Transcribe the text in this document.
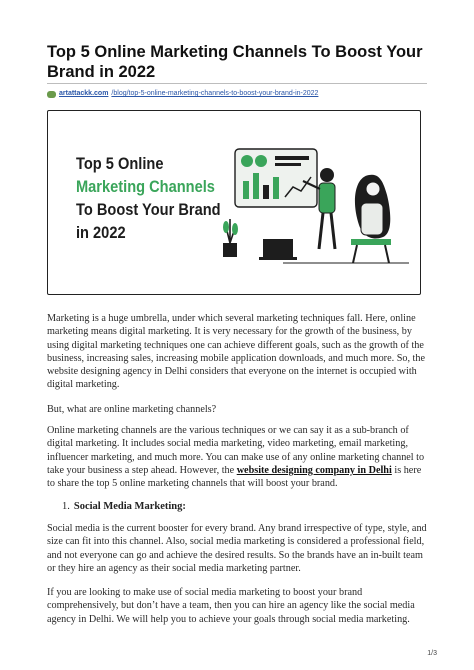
Top 5 Online Marketing Channels To Boost Your Brand in 2022
artattackk.com /blog/top-5-online-marketing-channels-to-boost-your-brand-in-2022
Top 5 Online
Marketing Channels
To Boost Your Brand
in 2022

Marketing is a huge umbrella, under which several marketing techniques fall. Here, online marketing means digital marketing. It is very necessary for the growth of the business, by using digital marketing techniques one can achieve different goals, such as the growth of the business, increasing sales, increasing mobile application downloads, and much more. So, the website designing agency in Delhi considers that everyone on the internet is occupied with digital marketing.

But, what are online marketing channels?

Online marketing channels are the various techniques or we can say it as a sub-branch of digital marketing. It includes social media marketing, video marketing, email marketing, influencer marketing, and much more. You can make use of any online marketing channel to take your business a step ahead. However, the website designing company in Delhi is here to share the top 5 online marketing channels that will boost your brand.

1. Social Media Marketing:

Social media is the current booster for every brand. Any brand irrespective of type, style, and size can fit into this channel. Also, social media marketing is considered a professional field, and not everyone can go and achieve the desired results. So the brands have an in-built team or they hire an agency as their social media marketing partner.

If you are looking to make use of social media marketing to boost your brand comprehensively, but don’t have a team, then you can hire an agency like the social media agency in Delhi. We will help you to achieve your goals through social media marketing.

1/3
